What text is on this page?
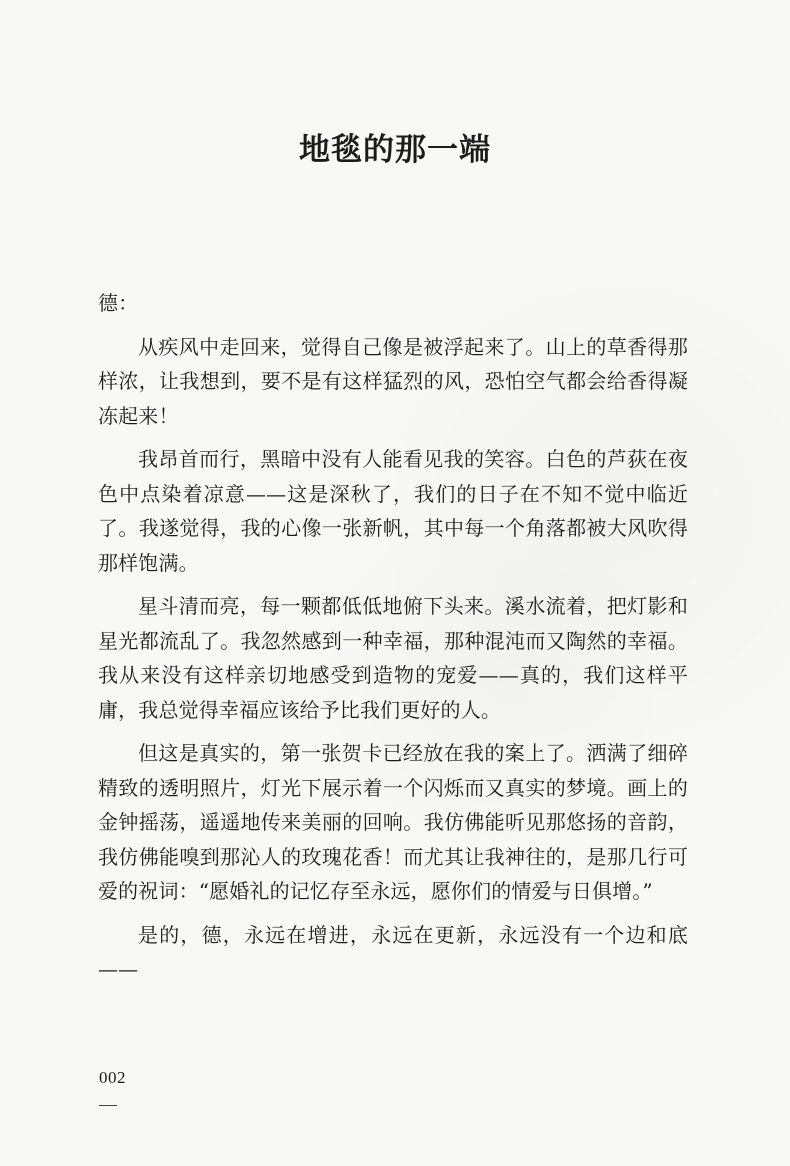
地毯的那一端

德：

从疾风中走回来，觉得自己像是被浮起来了。山上的草香得那样浓，让我想到，要不是有这样猛烈的风，恐怕空气都会给香得凝冻起来！

我昂首而行，黑暗中没有人能看见我的笑容。白色的芦荻在夜色中点染着凉意——这是深秋了，我们的日子在不知不觉中临近了。我遂觉得，我的心像一张新帆，其中每一个角落都被大风吹得那样饱满。

星斗清而亮，每一颗都低低地俯下头来。溪水流着，把灯影和星光都流乱了。我忽然感到一种幸福，那种混沌而又陶然的幸福。我从来没有这样亲切地感受到造物的宠爱——真的，我们这样平庸，我总觉得幸福应该给予比我们更好的人。

但这是真实的，第一张贺卡已经放在我的案上了。洒满了细碎精致的透明照片，灯光下展示着一个闪烁而又真实的梦境。画上的金钟摇荡，遥遥地传来美丽的回响。我仿佛能听见那悠扬的音韵，我仿佛能嗅到那沁人的玫瑰花香！而尤其让我神往的，是那几行可爱的祝词：“愿婚礼的记忆存至永远，愿你们的情爱与日俱增。”

是的，德，永远在增进，永远在更新，永远没有一个边和底——

002
